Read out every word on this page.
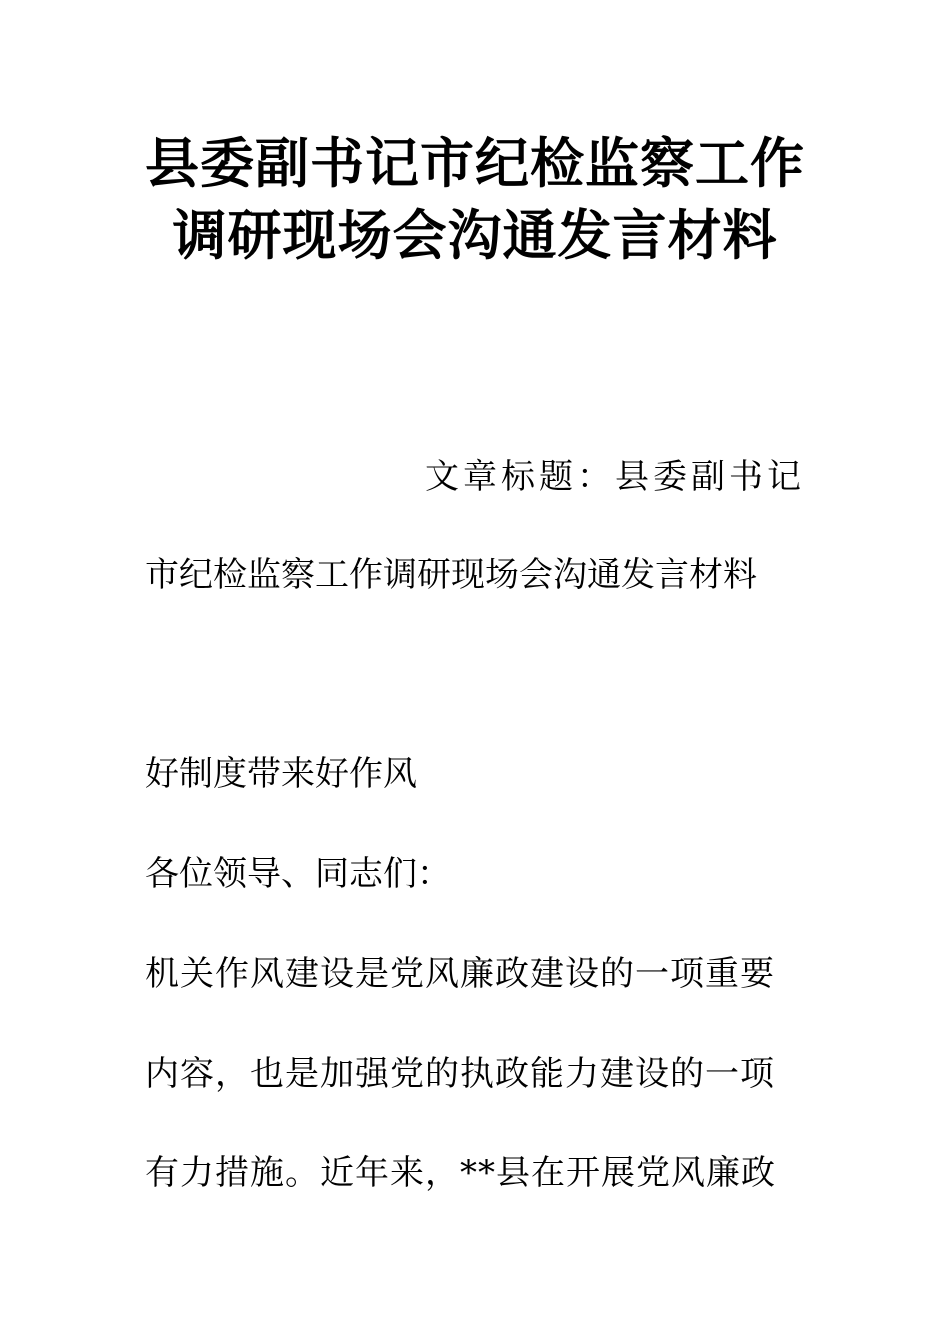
县委副书记市纪检监察工作调研现场会沟通发言材料

文章标题：县委副书记

市纪检监察工作调研现场会沟通发言材料

好制度带来好作风

各位领导、同志们：

机关作风建设是党风廉政建设的一项重要

内容，也是加强党的执政能力建设的一项

有力措施。近年来，**县在开展党风廉政
